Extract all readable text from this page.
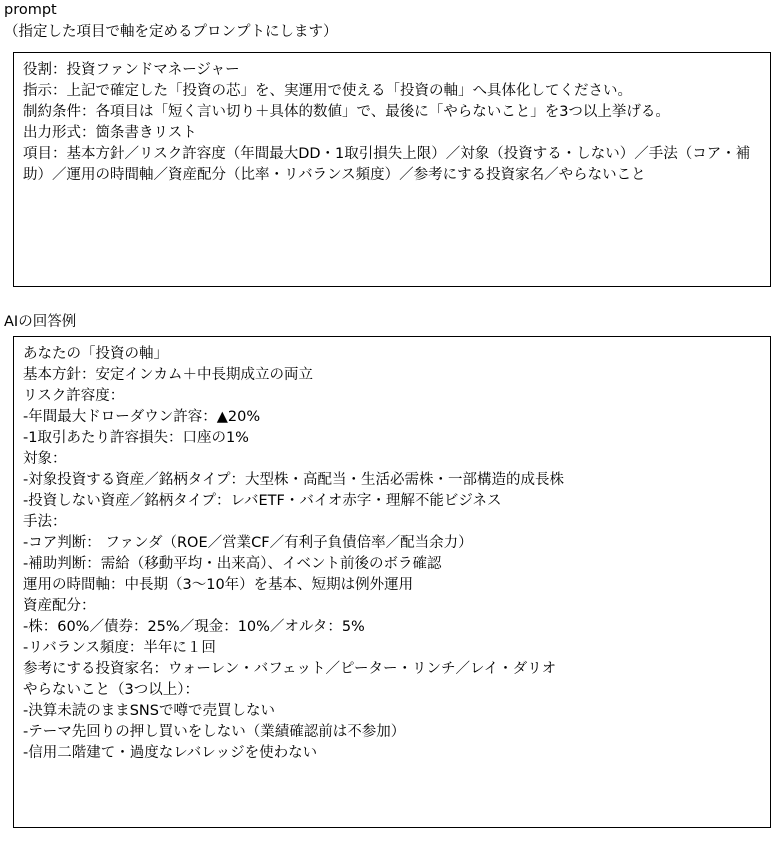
prompt
（指定した項目で軸を定めるプロンプトにします）
役割：投資ファンドマネージャー
指示：上記で確定した「投資の芯」を、実運用で使える「投資の軸」へ具体化してください。
制約条件：各項目は「短く言い切り＋具体的数値」で、最後に「やらないこと」を3つ以上挙げる。
出力形式：箇条書きリスト
項目：基本方針／リスク許容度（年間最大DD・1取引損失上限）／対象（投資する・しない）／手法（コア・補助）／運用の時間軸／資産配分（比率・リバランス頻度）／参考にする投資家名／やらないこと
AIの回答例
あなたの「投資の軸」
基本方針：安定インカム＋中長期成立の両立
リスク許容度：
-年間最大ドローダウン許容：▲20%
-1取引あたり許容損失：口座の1%
対象：
-対象投資する資産／銘柄タイプ：大型株・高配当・生活必需株・一部構造的成長株
-投資しない資産／銘柄タイプ：レバETF・バイオ赤字・理解不能ビジネス
手法：
-コア判断： ファンダ（ROE／営業CF／有利子負債倍率／配当余力）
-補助判断：需給（移動平均・出来高）、イベント前後のボラ確認
運用の時間軸：中長期（3〜10年）を基本、短期は例外運用
資産配分：
-株：60%／債券：25%／現金：10%／オルタ：5%
-リバランス頻度：半年に１回
参考にする投資家名：ウォーレン・バフェット／ピーター・リンチ／レイ・ダリオ
やらないこと（3つ以上）：
-決算未読のままSNSで噂で売買しない
-テーマ先回りの押し買いをしない（業績確認前は不参加）
-信用二階建て・過度なレバレッジを使わない
